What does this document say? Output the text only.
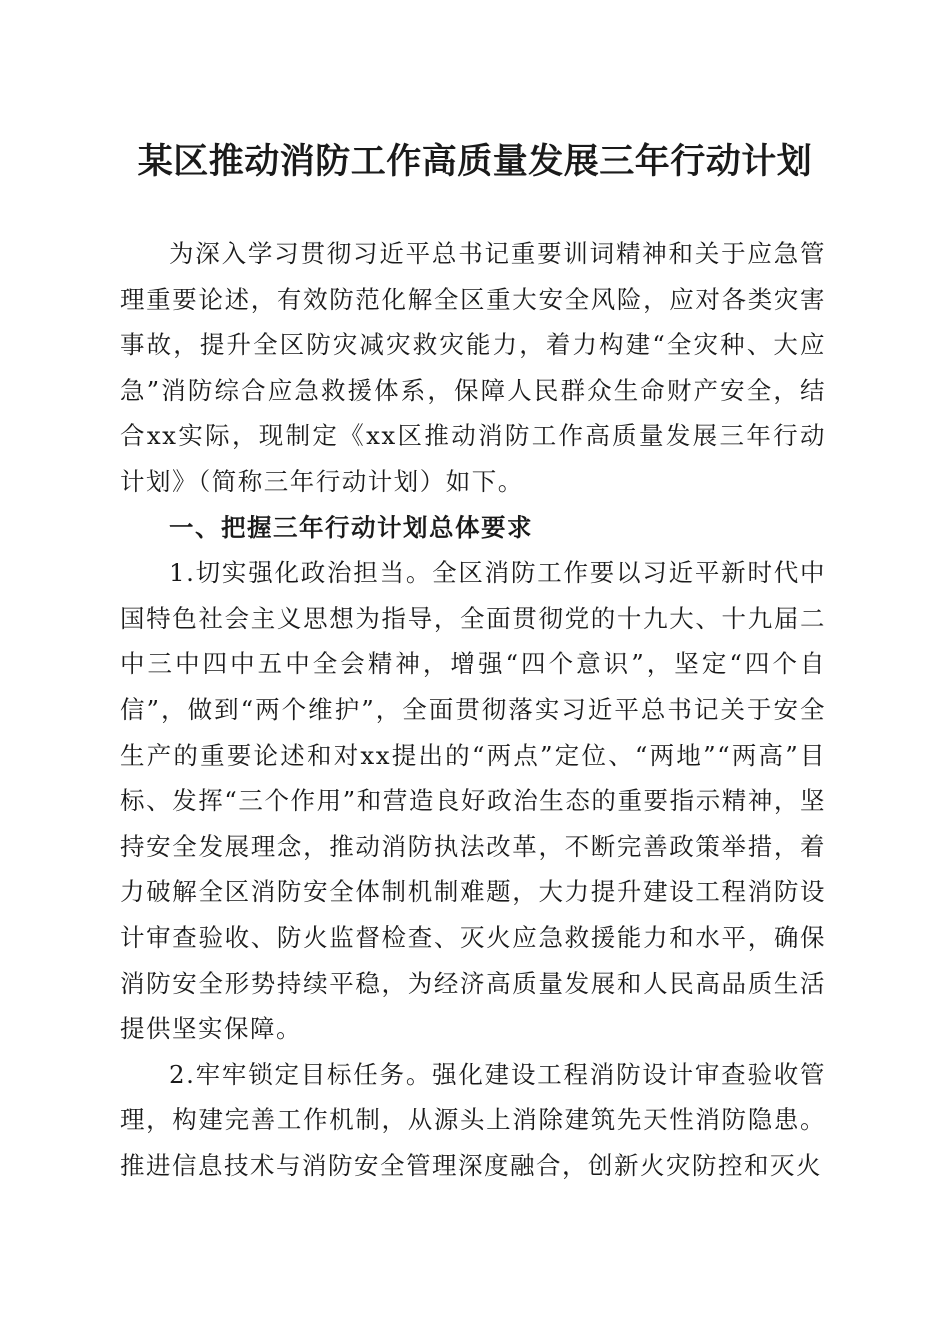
某区推动消防工作高质量发展三年行动计划

为深入学习贯彻习近平总书记重要训词精神和关于应急管理重要论述，有效防范化解全区重大安全风险，应对各类灾害事故，提升全区防灾减灾救灾能力，着力构建“全灾种、大应急”消防综合应急救援体系，保障人民群众生命财产安全，结合xx实际，现制定《xx区推动消防工作高质量发展三年行动计划》（简称三年行动计划）如下。

一、把握三年行动计划总体要求

1.切实强化政治担当。全区消防工作要以习近平新时代中国特色社会主义思想为指导，全面贯彻党的十九大、十九届二中三中四中五中全会精神，增强“四个意识”，坚定“四个自信”，做到“两个维护”，全面贯彻落实习近平总书记关于安全生产的重要论述和对xx提出的“两点”定位、“两地”“两高”目标、发挥“三个作用”和营造良好政治生态的重要指示精神，坚持安全发展理念，推动消防执法改革，不断完善政策举措，着力破解全区消防安全体制机制难题，大力提升建设工程消防设计审查验收、防火监督检查、灭火应急救援能力和水平，确保消防安全形势持续平稳，为经济高质量发展和人民高品质生活提供坚实保障。

2.牢牢锁定目标任务。强化建设工程消防设计审查验收管理，构建完善工作机制，从源头上消除建筑先天性消防隐患。推进信息技术与消防安全管理深度融合，创新火灾防控和灭火
